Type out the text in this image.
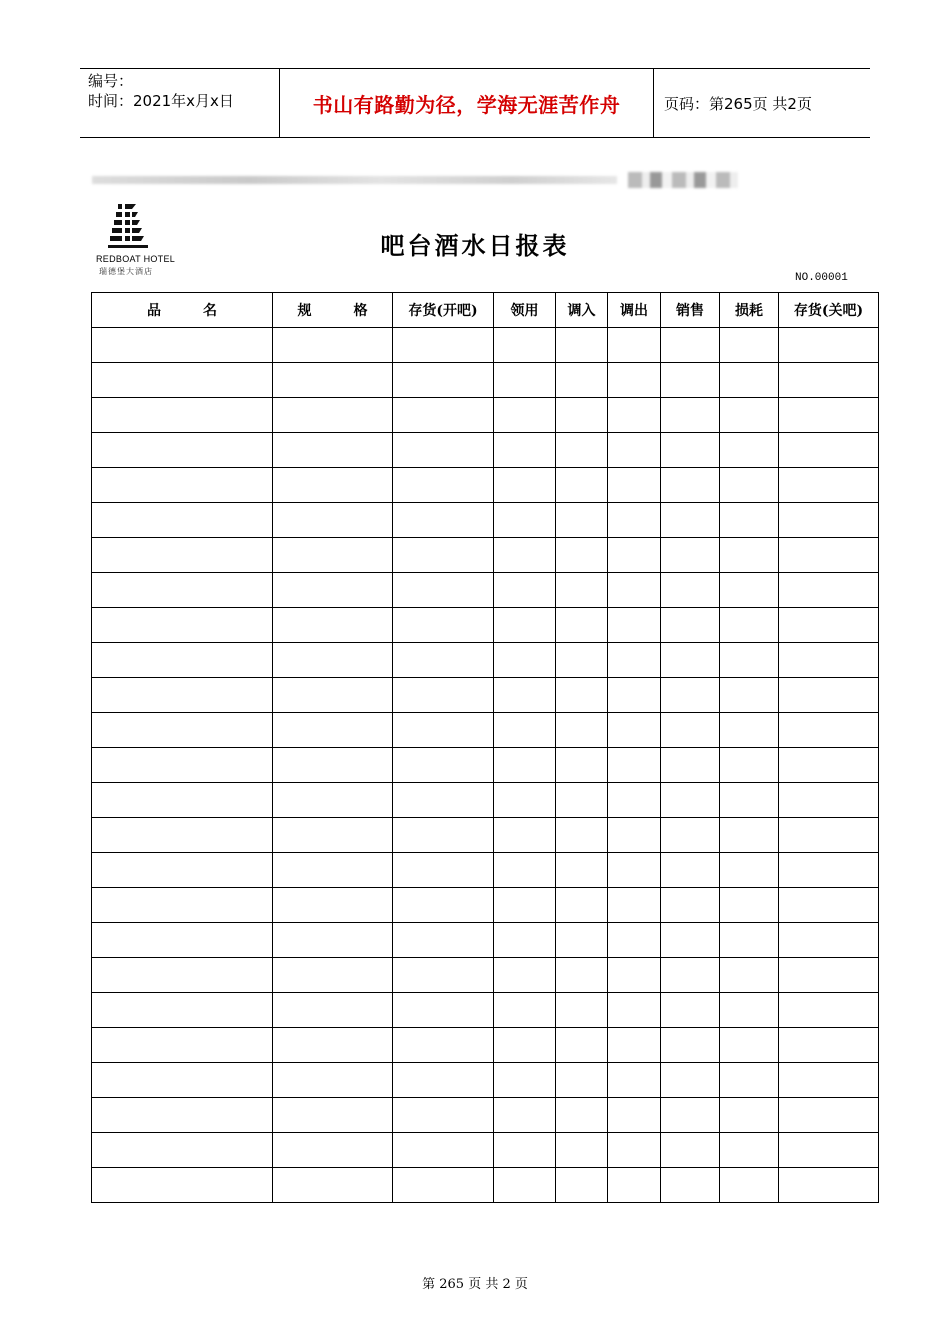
编号：
时间：2021年x月x日	书山有路勤为径，学海无涯苦作舟	页码：第265页 共2页
REDBOAT HOTEL
瑞德堡大酒店
吧台酒水日报表
NO.00001
品　　　名	规　　　格	存货(开吧)	领用	调入	调出	销售	损耗	存货(关吧)

第 265 页 共 2 页
